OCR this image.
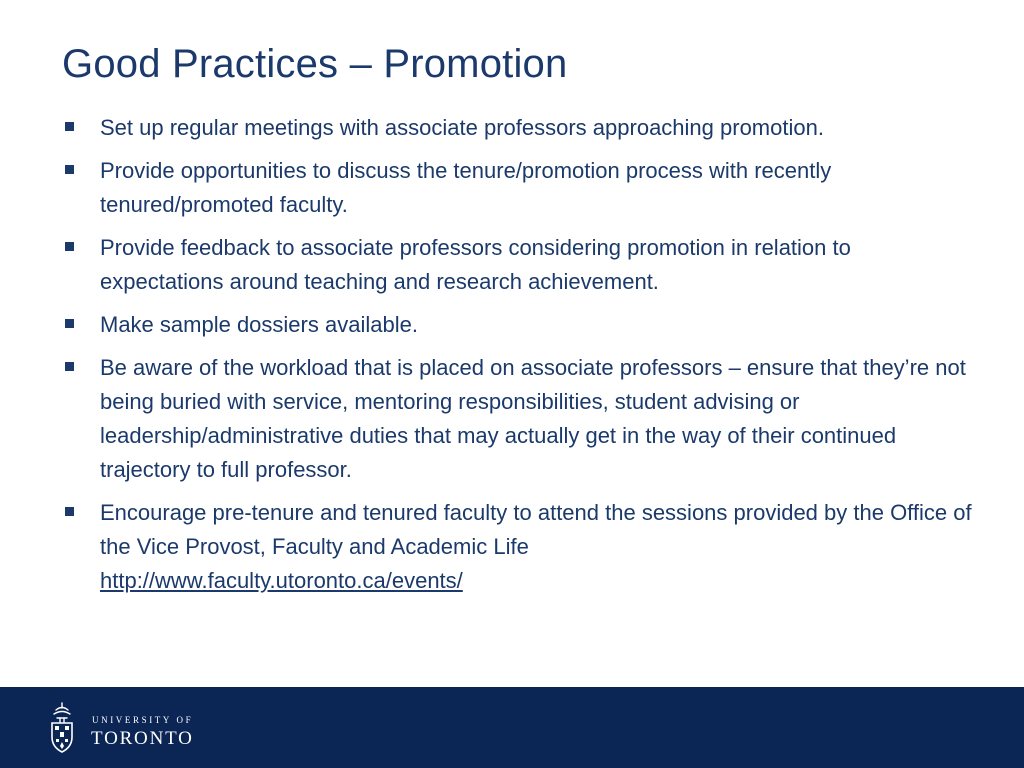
Good Practices – Promotion
Set up regular meetings with associate professors approaching promotion.
Provide opportunities to discuss the tenure/promotion process with recently tenured/promoted faculty.
Provide feedback to associate professors considering promotion in relation to expectations around teaching and research achievement.
Make sample dossiers available.
Be aware of the workload that is placed on associate professors – ensure that they’re not being buried with service, mentoring responsibilities, student advising or leadership/administrative duties that may actually get in the way of their continued trajectory to full professor.
Encourage pre-tenure and tenured faculty to attend the sessions provided by the Office of the Vice Provost, Faculty and Academic Life
http://www.faculty.utoronto.ca/events/

UNIVERSITY OF

TORONTO
